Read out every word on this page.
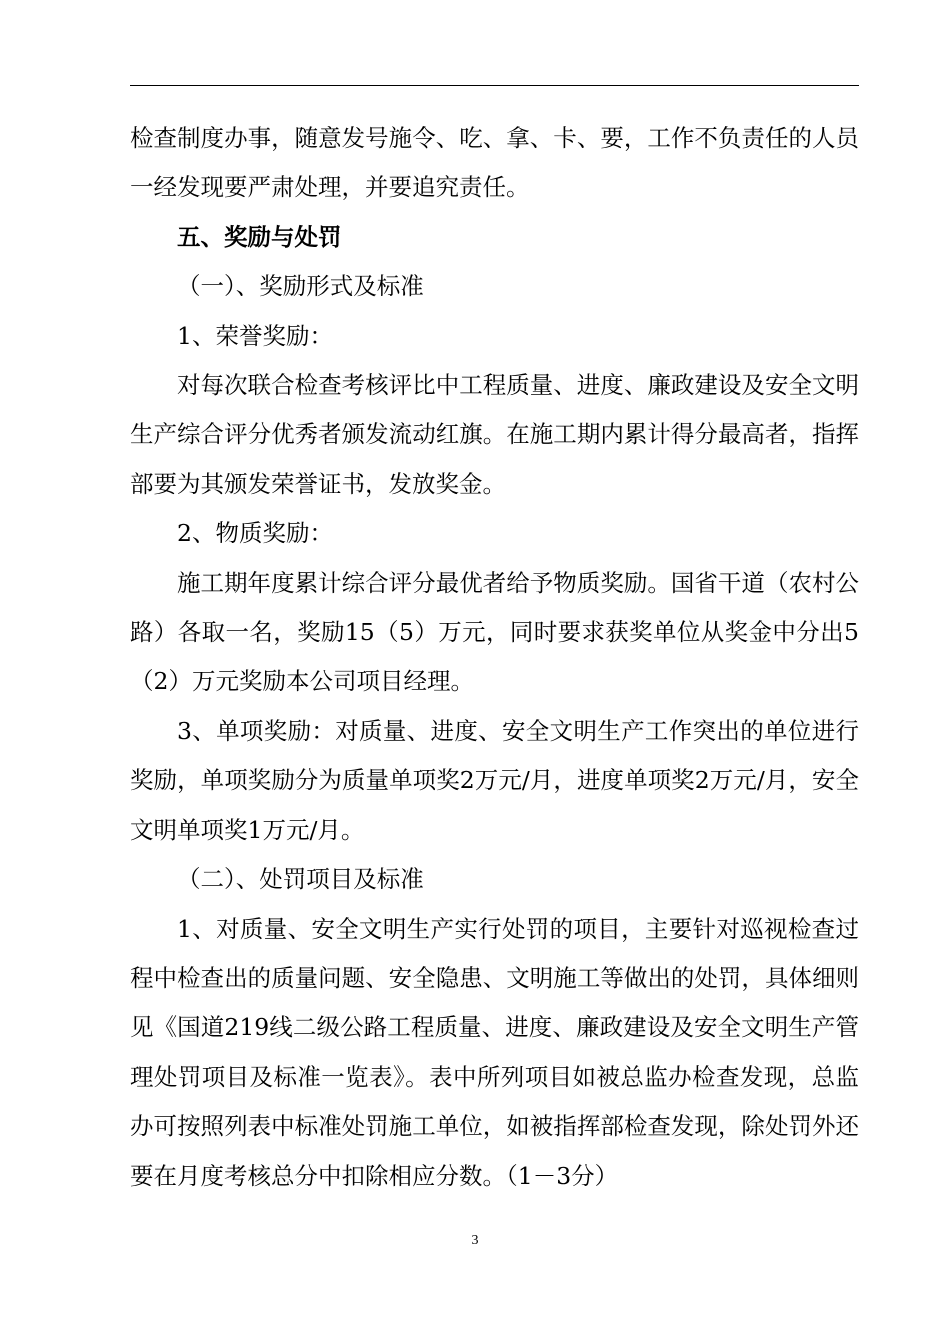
检查制度办事，随意发号施令、吃、拿、卡、要，工作不负责任的人员一经发现要严肃处理，并要追究责任。

五、奖励与处罚

（一）、奖励形式及标准

1、荣誉奖励：

对每次联合检查考核评比中工程质量、进度、廉政建设及安全文明生产综合评分优秀者颁发流动红旗。在施工期内累计得分最高者，指挥部要为其颁发荣誉证书，发放奖金。

2、物质奖励：

施工期年度累计综合评分最优者给予物质奖励。国省干道（农村公路）各取一名，奖励15（5）万元，同时要求获奖单位从奖金中分出5（2）万元奖励本公司项目经理。

3、单项奖励：对质量、进度、安全文明生产工作突出的单位进行奖励，单项奖励分为质量单项奖2万元/月，进度单项奖2万元/月，安全文明单项奖1万元/月。

（二）、处罚项目及标准

1、对质量、安全文明生产实行处罚的项目，主要针对巡视检查过程中检查出的质量问题、安全隐患、文明施工等做出的处罚，具体细则见《国道219线二级公路工程质量、进度、廉政建设及安全文明生产管理处罚项目及标准一览表》。表中所列项目如被总监办检查发现，总监办可按照列表中标准处罚施工单位，如被指挥部检查发现，除处罚外还要在月度考核总分中扣除相应分数。（1－3分）

3
